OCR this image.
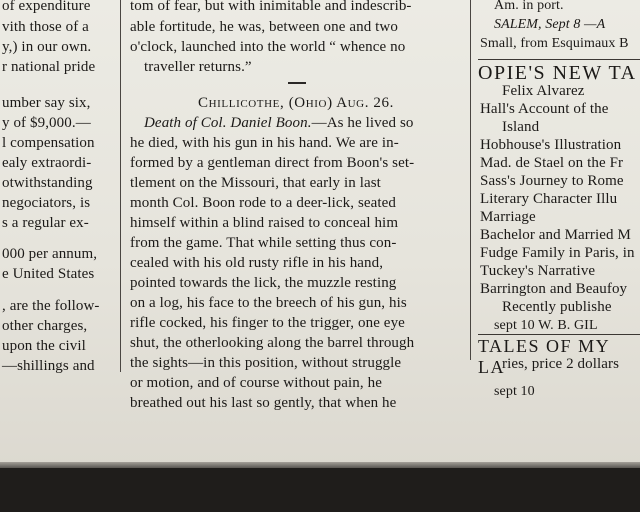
of expenditure
vith those of a
y,) in our own.
r national pride
umber say six,
y of $9,000.—
l compensation
ealy extraordi-
otwithstanding
negociators, is
s a regular ex-
000 per annum,
e United States
, are the follow-
other charges,
upon the civil
—shillings and
tom of fear, but with inimitable and indescrib-
able fortitude, he was, between one and two
o'clock, launched into the world “ whence no
traveller returns.”
Chillicothe, (Ohio) Aug. 26.
Death of Col. Daniel Boon.—As he lived so
he died, with his gun in his hand. We are in-
formed by a gentleman direct from Boon's set-
tlement on the Missouri, that early in last
month Col. Boon rode to a deer-lick, seated
himself within a blind raised to conceal him
from the game. That while setting thus con-
cealed with his old rusty rifle in his hand,
pointed towards the lick, the muzzle resting
on a log, his face to the breech of his gun, his
rifle cocked, his finger to the trigger, one eye
shut, the otherlooking along the barrel through
the sights—in this position, without struggle
or motion, and of course without pain, he
breathed out his last so gently, that when he
Am. in port.
SALEM, Sept 8 —A
Small, from Esquimaux B
OPIE'S NEW TA
Felix Alvarez
Hall's Account of the
Island
Hobhouse's Illustration
Mad. de Stael on the Fr
Sass's Journey to Rome
Literary Character Illu
Marriage
Bachelor and Married M
Fudge Family in Paris, in
Tuckey's Narrative
Barrington and Beaufoy
Recently publishe
sept 10 W. B. GIL
TALES OF MY LA
ries, price 2 dollars
sept 10
